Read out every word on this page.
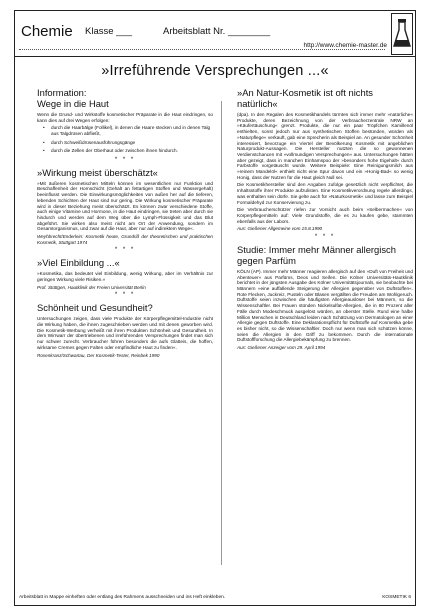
Chemie Klasse ___	Arbeitsblatt Nr. ________
http://www.chemie-master.de
»Irreführende Versprechungen ...«
Information:
Wege in die Haut

Wenn die Grund- und Wirkstoffe kosmetischer Präparate in die Haut eindringen, so kann dies auf drei Wegen erfolgen:

• durch die Haarbälge (Follikel), in denen die Haare stecken und in denen Talg aus Talgdrüsen abfließt,
• durch Schweißdrüsenausführungsgänge
• durch die Zellen der Oberhaut oder zwischen ihnen hindurch.
* * *
»Wirkung meist überschätzt«

»Mit äußeren kosmetischen Mitteln können im wesentlichen nur Funktion und Beschaffenheit der Hornschicht (Gehalt an fettartigen Stoffen und Wassergehalt) beeinflusst werden. Die Einwirkungsmöglichkeiten von außen her auf die tieferen, lebenden Schichten der Haut sind nur gering. Die Wirkung kosmetischer Präparate wird in dieser Beziehung meist überschätzt. Es können zwar verschiedene Stoffe, auch einige Vitamine und Hormone, in die Haut eindringen, sie treten aber durch sie hindurch und werden auf dem Weg über die Lymph-Flüssigkeit und das Blut abgeführt. Sie wirken also meist nicht am Ort der Anwendung, sondern im Gesamtorganismus, und zwar auf die Haut, aber nur auf indirektem Wege«.

Weyhbrecht/Enderlein: Kosmetik heute, Grundriß der theoretischen und praktischen Kosmetik, Stuttgart 1974

* * *
»Viel Einbildung ...«

»Kosmetika, das bedeutet viel Einbildung, wenig Wirkung, aber im Verhältnis zur geringen Wirkung viele Risiken.«

Prof. Stüttgen, Hautklinik der Freien Universität Berlin

* * *
Schönheit und Gesundheit?

Untersuchungen zeigen, dass viele Produkte der Körperpflegemittel-Industrie nicht die Wirkung haben, die ihnen zugeschrieben werden und mit denen geworben wird. Die Kosmetik-Werbung verheißt mit ihren Produkten Schönheit und Gesundheit. In dem Wirrwarr der übertriebenen und irreführenden Versprechungen findet man sich nur schwer zurecht. Verbraucher führen besonders die aufs Glatteis, die hoffen, wirksame Cremes gegen Falten oder empfindliche Haut zu finden«.

Rosenkranz/Schwartau, Der Kosmetik-Tester, Reinbek 1990

»An Natur-Kosmetik ist oft nichts natürlich«

(dpa). In den Regalen des Kosmetikhandels türmten sich immer mehr »natürliche« Produkte, deren Bezeichnung von der Verbraucherzentrale NRW an »Käufertäuschung« grenzt. Produkte, die nur ein paar Tröpfchen Kamillenöl enthielten, sonst jedoch nur aus synthetischen Stoffen bestünden, würden als »Naturpflege« verkauft, gab eine Sprecherin als Beispiel an. An gesunder Schönheit interessiert, bevorzuge ein Viertel der Bevölkerung Kosmetik mit angeblichen Naturprodukt-Aussagen. Die Hersteller nutzten die so gewonnenen Verdienstchancen mit »vollmundigen Versprechungen« aus. Untersuchungen hätten aber gezeigt, dass in manchen Einhamspoo der »besonders hohe Eigehalt« durch Farbstoffe vorgetäuscht wurde. Weitere Beispiele: Eine Reinigungsmilch aus »reinem Mandelöl« enthielt nicht eine Spur davon und ein »Honig-Bad« so wenig Honig, dass der Nutzen für die Haut gleich Null sei.

Die Kosmetikhersteller sind den Angaben zufolge gesetzlich nicht verpflichtet, die Inhaltsstoffe ihrer Produkte aufzulisten. Eine Kosmetikverordnung regele allerdings, was enthalten sein dürfe. Sie gelte auch für »Naturkosmetik« und lasse zum Beispiel Formaldehyd zur Konservierung zu.

Die Verbraucherschützer riefen zur Vorsicht auch beim »Selbermachen« von Körperpflegemitteln auf: Viele Grundstoffe, die es zu kaufen gebe, stammten ebenfalls aus der Labors.

Aus: Gießener Allgemeine vom 15.8.1990

* * *
Studie: Immer mehr Männer allergisch gegen Parfüm

KÖLN (AP). Immer mehr Männer reagieren allergisch auf den »Duft von Freiheit und Abenteuer« aus Parfüms, Deos und Seifen. Die Kölner Universitäts-Hautklinik berichtet in der jüngsten Ausgabe des Kölner Universitätsjournals, sie beobachte bei Männern »eine auffallende Steigerung der Allergien gegenüber von Duftstoffen«. Rote Flecken, Juckreiz, Pusteln oder Blasen vergällten die Freuden am Wohlgeruch. Duftstoffe seien inzwischen die häufigsten Allergieauslöser bei Männern, so die Wissenschaftler. Bei Frauen stünden Nickelsulfat-Allergien, die in 80 Prozent aller Fälle durch Modeschmuck ausgelöst würden, an oberster Stelle. Rund eine halbe Million Menschen in Deutschland leiden nach Schätzung von Dermatologen an einer Allergie gegen Duftstoffe. Eine Deklarationspflicht für Duftstoffe auf Kosmetika gebe es bisher nicht, so die Wissenschaftler. Doch nur wenn man sich schützen könne, seien die Allergien in den Griff zu bekommen. Durch die internationale Duftstoffforschung die Allergiebekämpfung zu brennen.

Aus: Gießener Anzeiger vom 29. April 1994

Arbeitsblatt in Mappe einheften oder entlang des Rahmens ausschneiden und ins Heft einkleben.	KOSMETIK 6
